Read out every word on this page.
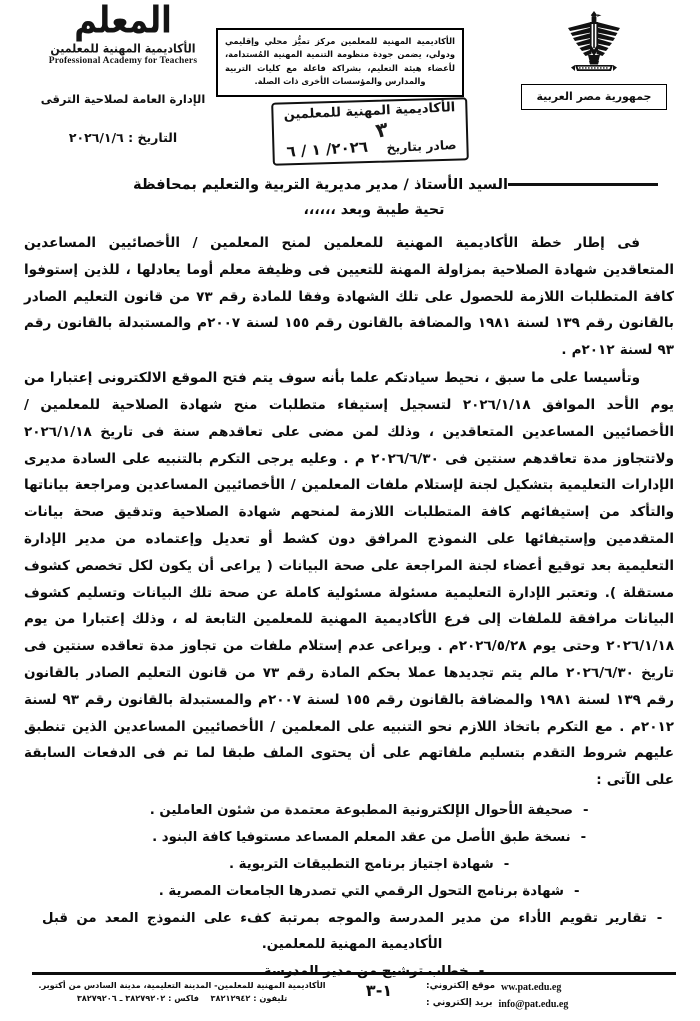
المعلم
الأكاديمية المهنية للمعلمين
Professional Academy for Teachers
الإدارة العامة لصلاحية الترقى
التاريخ : ٢٠٢٦/١/٦
الأكاديمية المهنية للمعلمين مركز تميُّز محلي وإقليمي ودولي، يضمن جودة منظومة التنمية المهنية المُستدامة، لأعضاء هيئة التعليم، بشراكة فاعلة مع كليات التربية والمدارس والمؤسسات الأخرى ذات الصلة.
الأكاديمية المهنية للمعلمين
٣
صادر بتاريخ
٢٠٢٦/ ١ / ٦
جمهورية مصر العربية
السيد الأستاذ / مدير مديرية التربية والتعليم بمحافظة
تحية طيبة وبعد ،،،،،،

فى إطار خطة الأكاديمية المهنية للمعلمين لمنح المعلمين / الأخصائيين المساعدين المتعاقدين شهادة الصلاحية بمزاولة المهنة للتعيين فى وظيفة معلم أوما يعادلها ، للذين إستوفوا كافة المتطلبات اللازمة للحصول على تلك الشهادة وفقا للمادة رقم ٧٣ من قانون التعليم الصادر بالقانون رقم ١٣٩ لسنة ١٩٨١ والمضافة بالقانون رقم ١٥٥ لسنة ٢٠٠٧م والمستبدلة بالقانون رقم ٩٣ لسنة ٢٠١٢م .

وتأسيسا على ما سبق ، نحيط سيادتكم علما بأنه سوف يتم فتح الموقع الالكترونى إعتبارا من يوم الأحد الموافق ٢٠٢٦/١/١٨ لتسجيل إستيفاء متطلبات منح شهادة الصلاحية للمعلمين / الأخصائيين المساعدين المتعاقدين ، وذلك لمن مضى على تعاقدهم سنة فى تاريخ ٢٠٢٦/١/١٨ ولاتتجاوز مدة تعاقدهم سنتين فى ٢٠٢٦/٦/٣٠ م . وعليه يرجى التكرم بالتنبيه على السادة مديرى الإدارات التعليمية بتشكيل لجنة لإستلام ملفات المعلمين / الأخصائيين المساعدين ومراجعة بياناتها والتأكد من إستيفائهم كافة المتطلبات اللازمة لمنحهم شهادة الصلاحية وتدقيق صحة بيانات المتقدمين وإستيفائها على النموذج المرافق دون كشط أو تعديل وإعتماده من مدير الإدارة التعليمية بعد توقيع أعضاء لجنة المراجعة على صحة البيانات ( يراعى أن يكون لكل تخصص كشوف مستقلة ). وتعتبر الإدارة التعليمية مسئولة مسئولية كاملة عن صحة تلك البيانات وتسليم كشوف البيانات مرافقة للملفات إلى فرع الأكاديمية المهنية للمعلمين التابعة له ، وذلك إعتبارا من يوم ٢٠٢٦/١/١٨ وحتى يوم ٢٠٢٦/٥/٢٨م . ويراعى عدم إستلام ملفات من تجاوز مدة تعاقده سنتين فى تاريخ ٢٠٢٦/٦/٣٠ مالم يتم تجديدها عملا بحكم المادة رقم ٧٣ من قانون التعليم الصادر بالقانون رقم ١٣٩ لسنة ١٩٨١ والمضافة بالقانون رقم ١٥٥ لسنة ٢٠٠٧م والمستبدلة بالقانون رقم ٩٣ لسنة ٢٠١٢م . مع التكرم باتخاذ اللازم نحو التنبيه على المعلمين / الأخصائيين المساعدين الذين تنطبق عليهم شروط التقدم بتسليم ملفاتهم على أن يحتوى الملف طبقا لما تم فى الدفعات السابقة على الآتى :

-صحيفة الأحوال الإلكترونية المطبوعة معتمدة من شئون العاملين .
-نسخة طبق الأصل من عقد المعلم المساعد مستوفيا كافة البنود .
-شهادة اجتياز برنامج التطبيقات التربوية .
-شهادة برنامج التحول الرقمي التي تصدرها الجامعات المصرية .
-تقارير تقويم الأداء من مدير المدرسة والموجه بمرتبة كفء على النموذج المعد من قبل الأكاديمية المهنية للمعلمين.
ww.pat.edu.eg
موقع إلكتروني:
info@pat.edu.eg
بريد إلكتروني :
١-٣
الأكاديمية المهنية للمعلمين- المدينة التعليمية، مدينة السادس من أكتوبر.
تليفون : ٣٨٢١٢٩٤٢    فاكس : ٣٨٢٧٩٢٠٢ ـ ٣٨٢٧٩٢٠٦
